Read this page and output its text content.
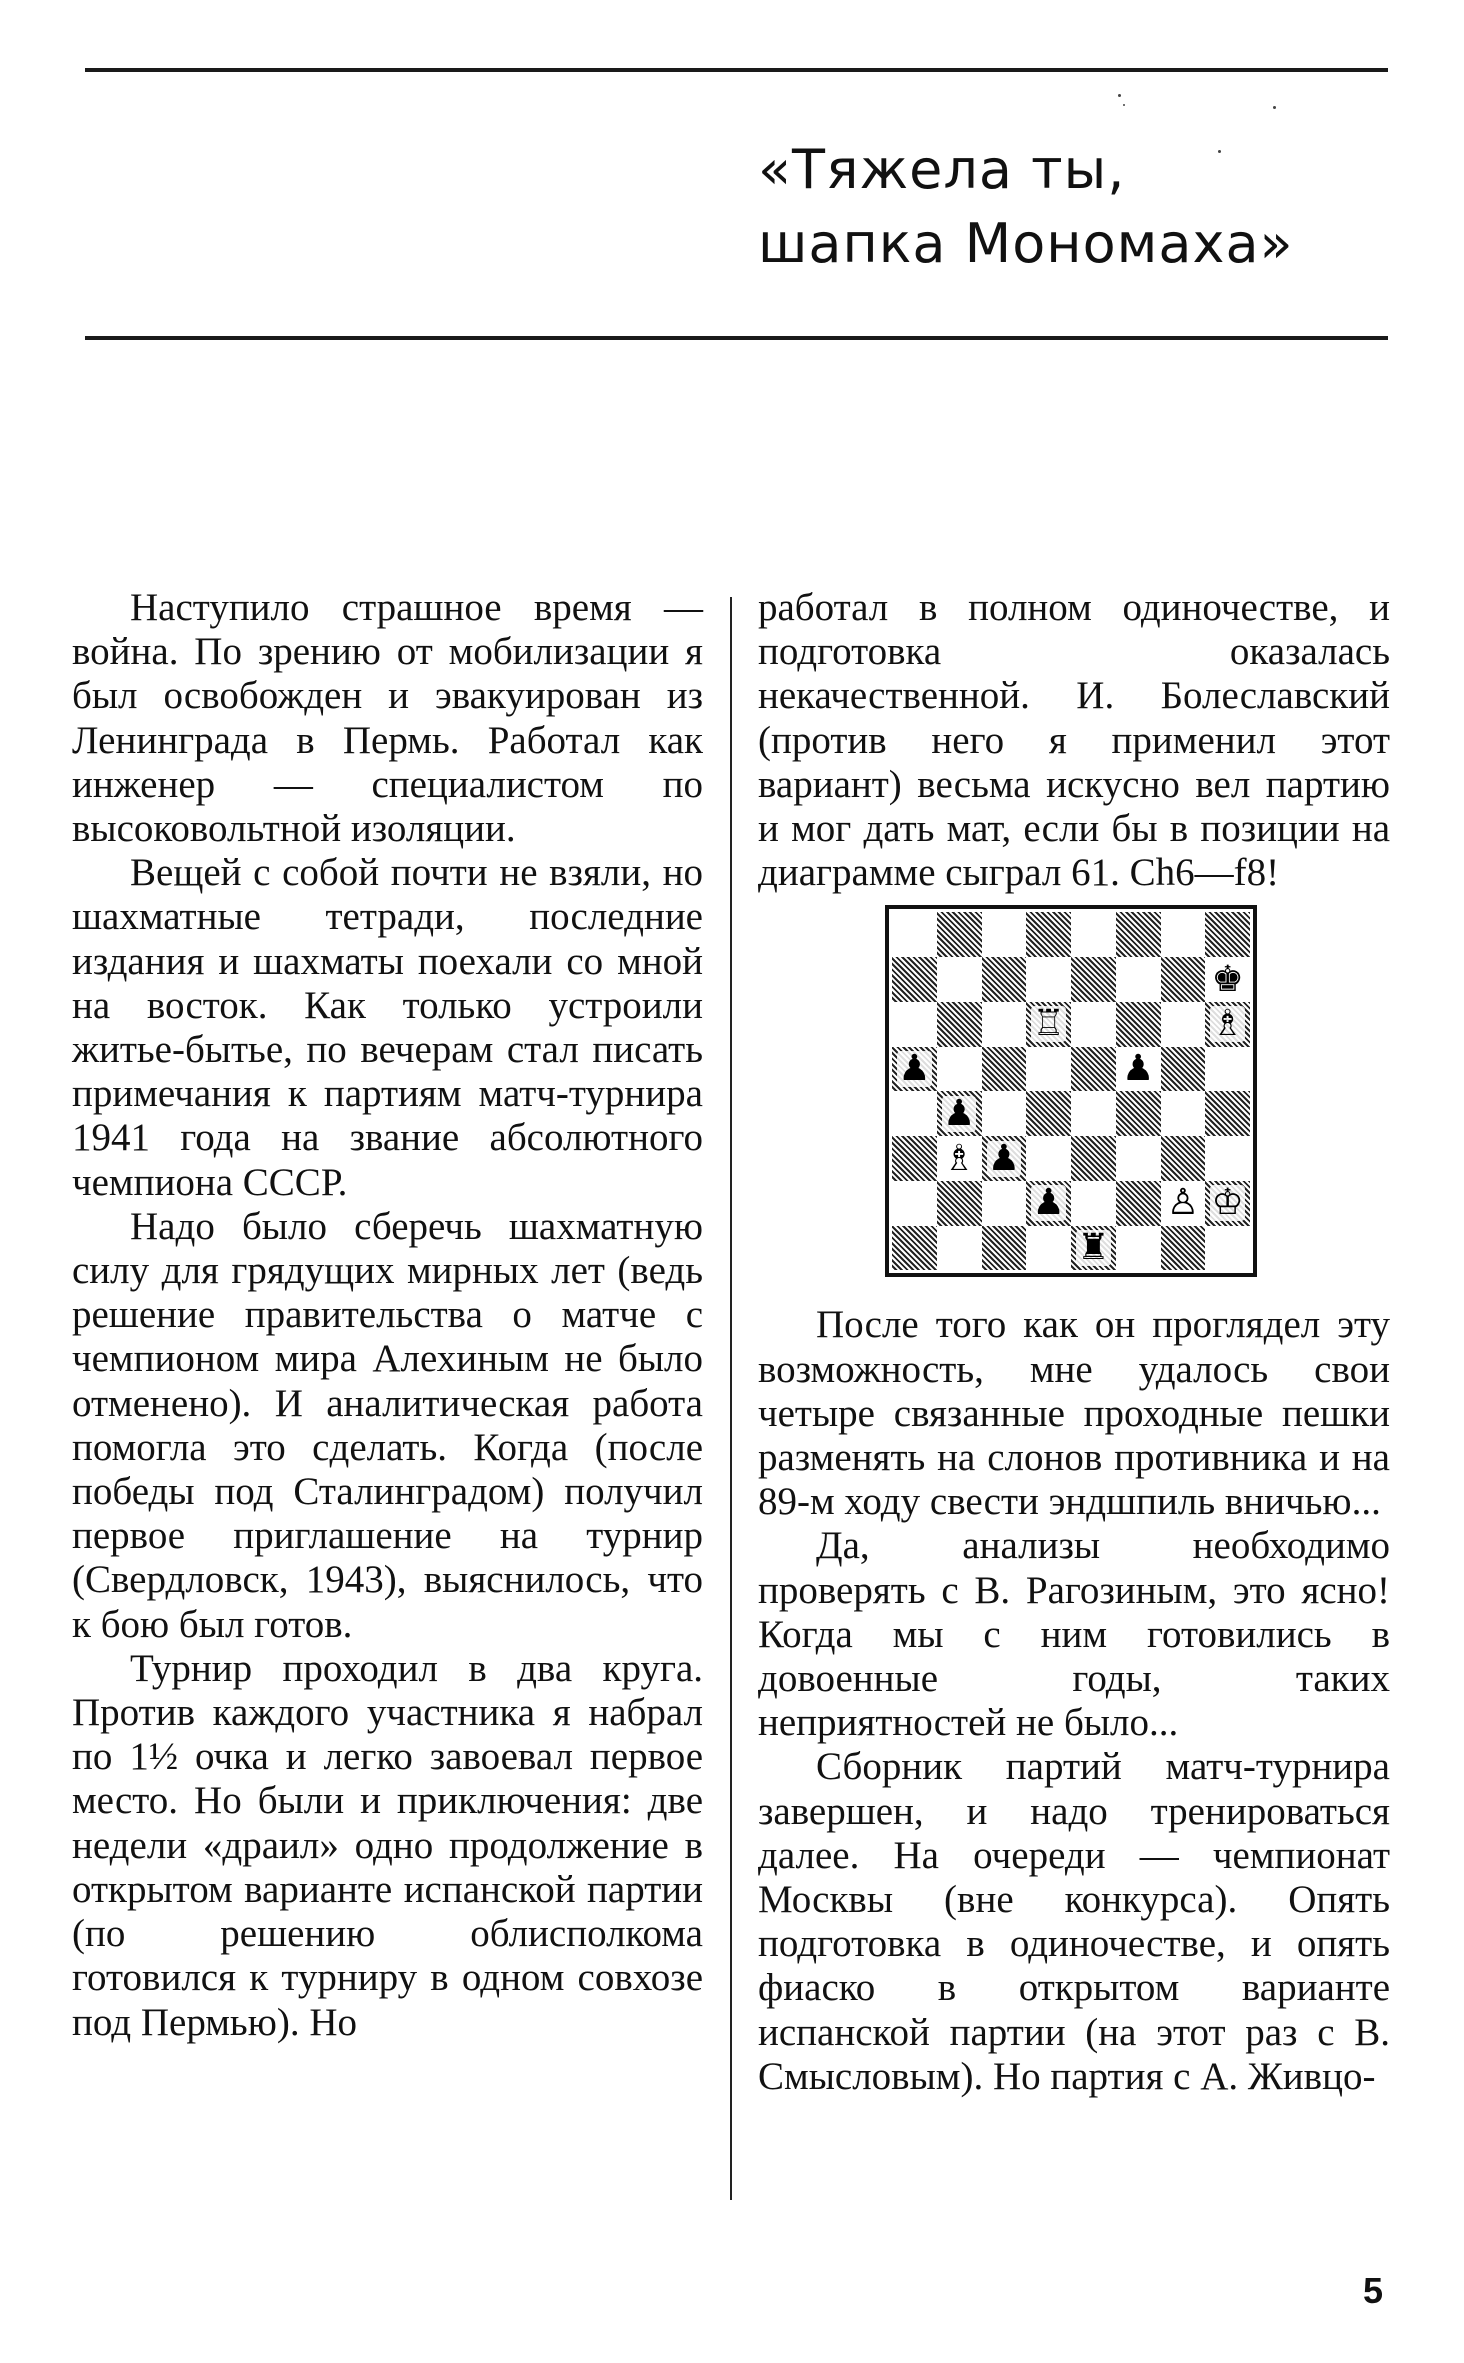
«Тяжела ты,
шапка Мономаха»

Наступило страшное время — война. По зрению от мобилизации я был освобожден и эвакуирован из Ленинграда в Пермь. Работал как инженер — специалистом по высоковольтной изоляции.

Вещей с собой почти не взяли, но шахматные тетради, последние издания и шахматы поехали со мной на восток. Как только устроили житье-бытье, по вечерам стал писать примечания к партиям матч-турнира 1941 года на звание абсолютного чемпиона СССР.

Надо было сберечь шахматную силу для грядущих мирных лет (ведь решение правительства о матче с чемпионом мира Алехиным не было отменено). И аналитическая работа помогла это сделать. Когда (после победы под Сталинградом) получил первое приглашение на турнир (Свердловск, 1943), выяснилось, что к бою был готов.

Турнир проходил в два круга. Против каждого участника я набрал по 1½ очка и легко завоевал первое место. Но были и приключения: две недели «драил» одно продолжение в открытом варианте испанской партии (по решению облисполкома готовился к турниру в одном совхозе под Пермью). Но

работал в полном одиночестве, и подготовка оказалась некачественной. И. Болеславский (против него я применил этот вариант) весьма искусно вел партию и мог дать мат, если бы в позиции на диаграмме сыграл 61. Сh6—f8!

♚
♖	♗
♟	♟
♟
♗ ♟
♟	♙ ♔
♜

После того как он проглядел эту возможность, мне удалось свои четыре связанные проходные пешки разменять на слонов противника и на 89-м ходу свести эндшпиль вничью...

Да, анализы необходимо проверять с В. Рагозиным, это ясно! Когда мы с ним готовились в довоенные годы, таких неприятностей не было...

Сборник партий матч-турнира завершен, и надо тренироваться далее. На очереди — чемпионат Москвы (вне конкурса). Опять подготовка в одиночестве, и опять фиаско в открытом варианте испанской партии (на этот раз с В. Смысловым). Но партия с А. Живцо-

5
